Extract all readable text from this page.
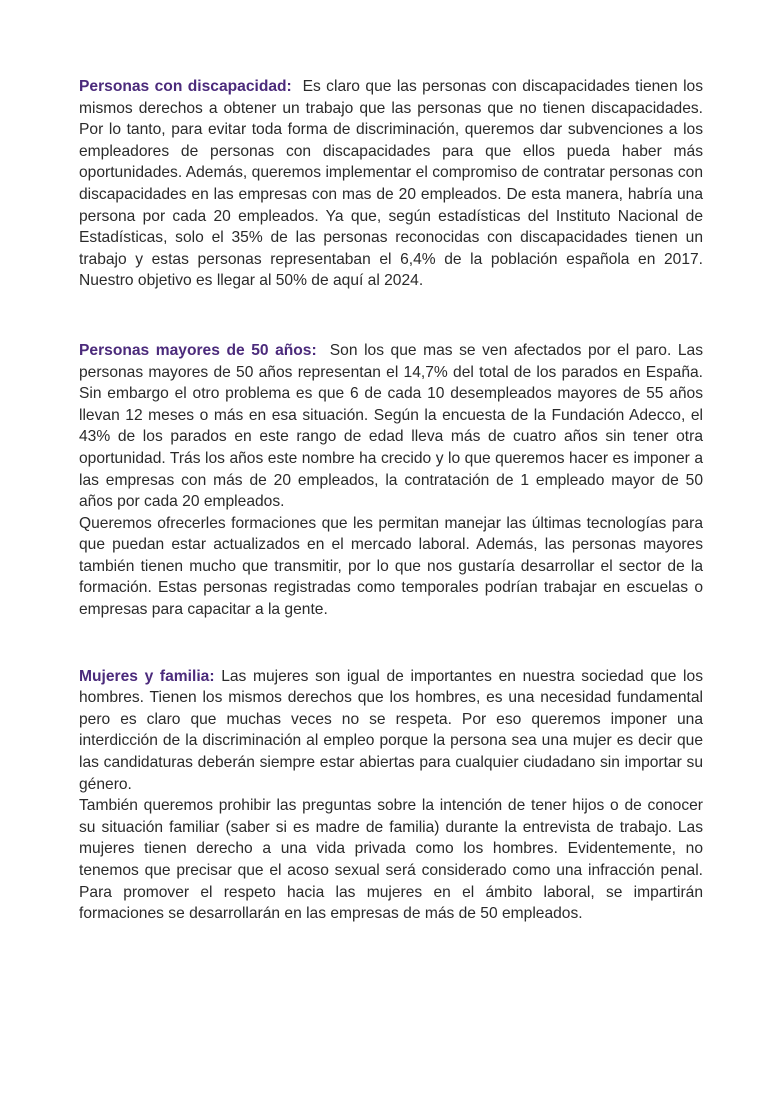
Personas con discapacidad: Es claro que las personas con discapacidades tienen los mismos derechos a obtener un trabajo que las personas que no tienen discapacidades. Por lo tanto, para evitar toda forma de discriminación, queremos dar subvenciones a los empleadores de personas con discapacidades para que ellos pueda haber más oportunidades. Además, queremos implementar el compromiso de contratar personas con discapacidades en las empresas con mas de 20 empleados. De esta manera, habría una persona por cada 20 empleados. Ya que, según estadísticas del Instituto Nacional de Estadísticas, solo el 35% de las personas reconocidas con discapacidades tienen un trabajo y estas personas representaban el 6,4% de la población española en 2017. Nuestro objetivo es llegar al 50% de aquí al 2024.

Personas mayores de 50 años: Son los que mas se ven afectados por el paro. Las personas mayores de 50 años representan el 14,7% del total de los parados en España. Sin embargo el otro problema es que 6 de cada 10 desempleados mayores de 55 años llevan 12 meses o más en esa situación. Según la encuesta de la Fundación Adecco, el 43% de los parados en este rango de edad lleva más de cuatro años sin tener otra oportunidad. Trás los años este nombre ha crecido y lo que queremos hacer es imponer a las empresas con más de 20 empleados, la contratación de 1 empleado mayor de 50 años por cada 20 empleados.

Queremos ofrecerles formaciones que les permitan manejar las últimas tecnologías para que puedan estar actualizados en el mercado laboral. Además, las personas mayores también tienen mucho que transmitir, por lo que nos gustaría desarrollar el sector de la formación. Estas personas registradas como temporales podrían trabajar en escuelas o empresas para capacitar a la gente.

Mujeres y familia: Las mujeres son igual de importantes en nuestra sociedad que los hombres. Tienen los mismos derechos que los hombres, es una necesidad fundamental pero es claro que muchas veces no se respeta. Por eso queremos imponer una interdicción de la discriminación al empleo porque la persona sea una mujer es decir que las candidaturas deberán siempre estar abiertas para cualquier ciudadano sin importar su género.

También queremos prohibir las preguntas sobre la intención de tener hijos o de conocer su situación familiar (saber si es madre de familia) durante la entrevista de trabajo. Las mujeres tienen derecho a una vida privada como los hombres. Evidentemente, no tenemos que precisar que el acoso sexual será considerado como una infracción penal. Para promover el respeto hacia las mujeres en el ámbito laboral, se impartirán formaciones se desarrollarán en las empresas de más de 50 empleados.
